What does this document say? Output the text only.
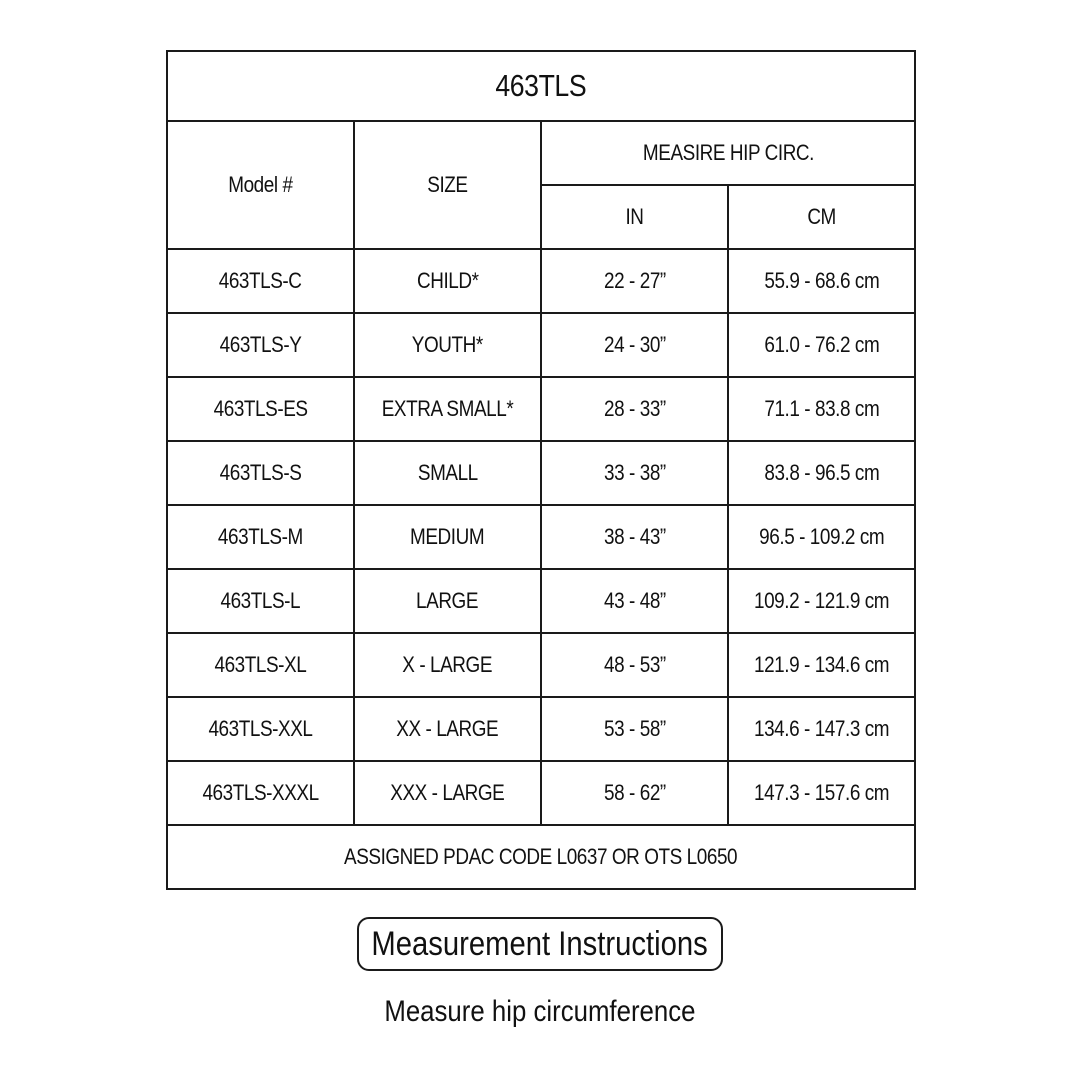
463TLS			
Model #	SIZE	MEASIRE HIP CIRC.	
		IN	CM
463TLS-C	CHILD*	22 - 27”	55.9 - 68.6 cm
463TLS-Y	YOUTH*	24 - 30”	61.0 - 76.2 cm
463TLS-ES	EXTRA SMALL*	28 - 33”	71.1 - 83.8 cm
463TLS-S	SMALL	33 - 38”	83.8 - 96.5 cm
463TLS-M	MEDIUM	38 - 43”	96.5 - 109.2 cm
463TLS-L	LARGE	43 - 48”	109.2 - 121.9 cm
463TLS-XL	X - LARGE	48 - 53”	121.9 - 134.6 cm
463TLS-XXL	XX - LARGE	53 - 58”	134.6 - 147.3 cm
463TLS-XXXL	XXX - LARGE	58 - 62”	147.3 - 157.6 cm
ASSIGNED PDAC CODE L0637 OR OTS L0650			
Measurement Instructions
Measure hip circumference
